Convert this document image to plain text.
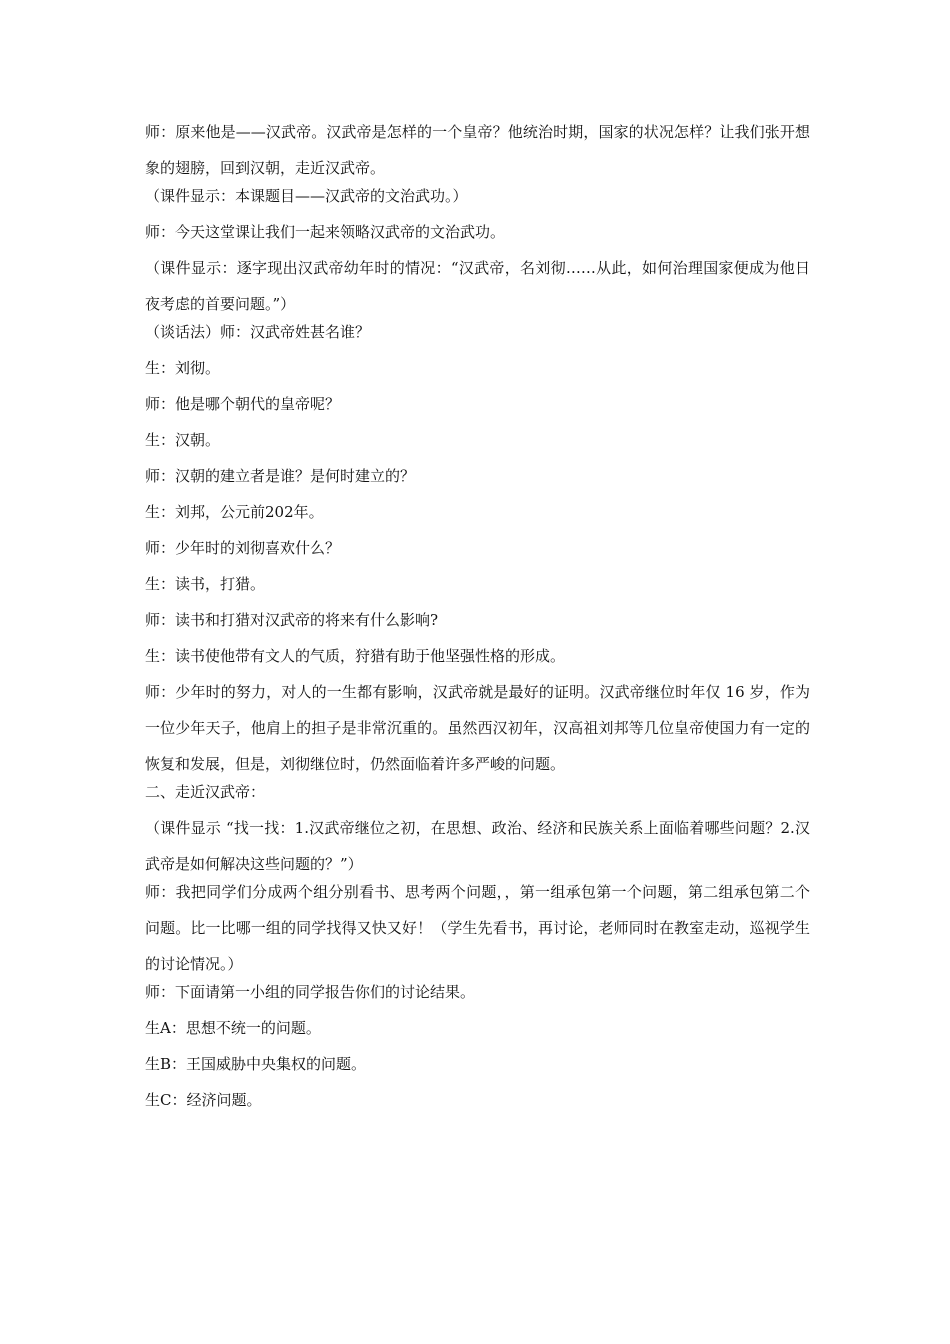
师：原来他是——汉武帝。汉武帝是怎样的一个皇帝？他统治时期，国家的状况怎样？让我们张开想象的翅膀，回到汉朝，走近汉武帝。

（课件显示：本课题目——汉武帝的文治武功。）

师：今天这堂课让我们一起来领略汉武帝的文治武功。

（课件显示：逐字现出汉武帝幼年时的情况：“汉武帝，名刘彻……从此，如何治理国家便成为他日夜考虑的首要问题。”）

（谈话法）师：汉武帝姓甚名谁？

生：刘彻。

师：他是哪个朝代的皇帝呢？

生：汉朝。

师：汉朝的建立者是谁？是何时建立的？

生：刘邦，公元前202年。

师：少年时的刘彻喜欢什么？

生：读书，打猎。

师：读书和打猎对汉武帝的将来有什么影响?

生：读书使他带有文人的气质，狩猎有助于他坚强性格的形成。

师：少年时的努力，对人的一生都有影响，汉武帝就是最好的证明。汉武帝继位时年仅 16 岁，作为一位少年天子，他肩上的担子是非常沉重的。虽然西汉初年，汉高祖刘邦等几位皇帝使国力有一定的恢复和发展，但是，刘彻继位时，仍然面临着许多严峻的问题。

二、走近汉武帝：

（课件显示 “找一找：1.汉武帝继位之初，在思想、政治、经济和民族关系上面临着哪些问题？2.汉武帝是如何解决这些问题的？”）

师：我把同学们分成两个组分别看书、思考两个问题，，第一组承包第一个问题，第二组承包第二个问题。比一比哪一组的同学找得又快又好！（学生先看书，再讨论，老师同时在教室走动，巡视学生的讨论情况。）

师：下面请第一小组的同学报告你们的讨论结果。

生A：思想不统一的问题。

生B：王国威胁中央集权的问题。

生C：经济问题。
